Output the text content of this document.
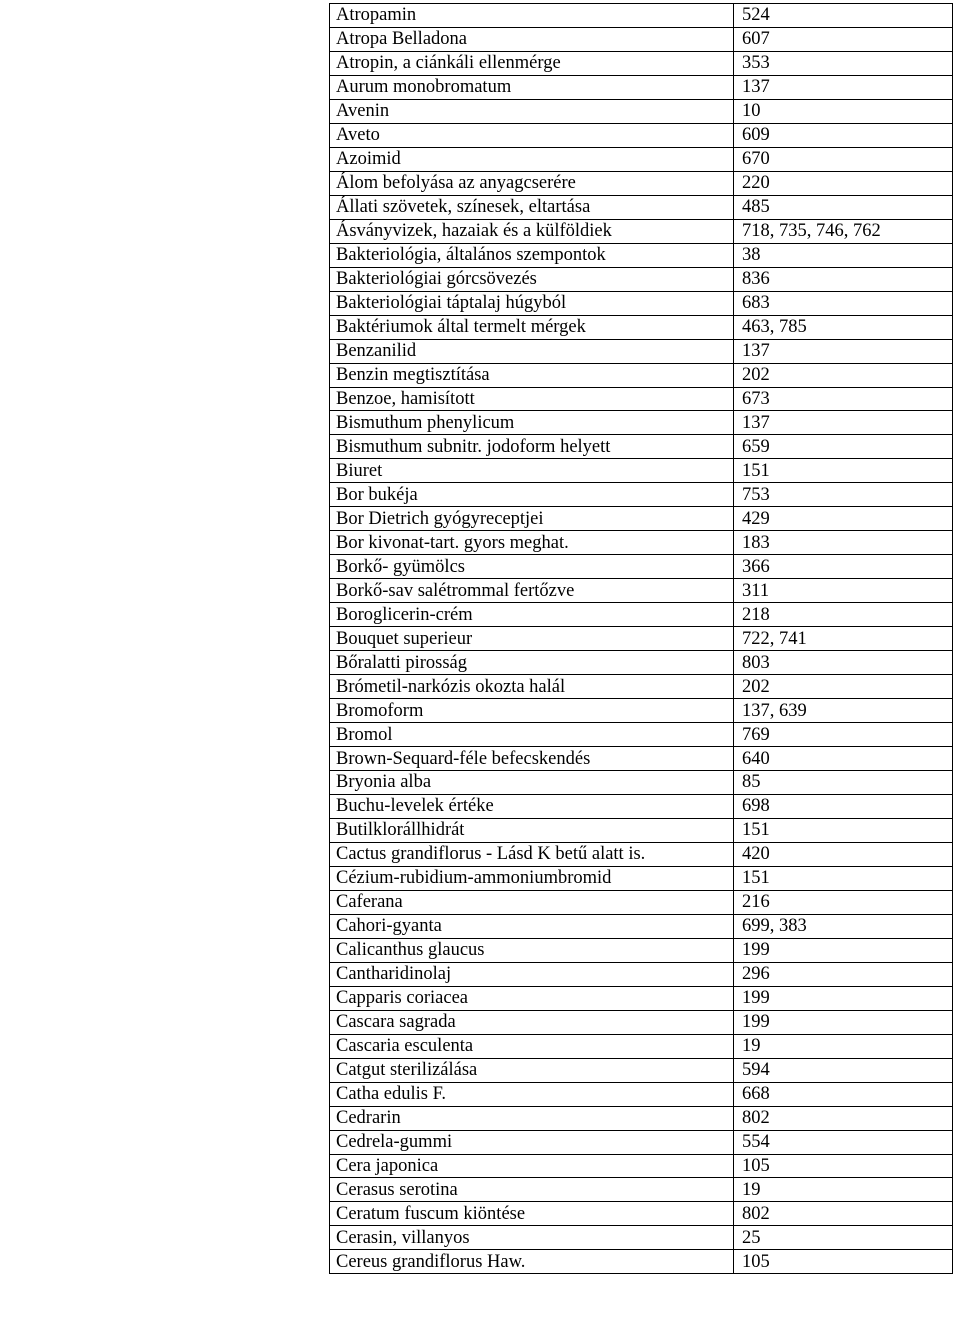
Atropamin	524
Atropa Belladona	607
Atropin, a ciánkáli ellenmérge	353
Aurum monobromatum	137
Avenin	10
Aveto	609
Azoimid	670
Álom befolyása az anyagcserére	220
Állati szövetek, színesek, eltartása	485
Ásványvizek, hazaiak és a külföldiek	718, 735, 746, 762
Bakteriológia, általános szempontok	38
Bakteriológiai górcsövezés	836
Bakteriológiai táptalaj húgyból	683
Baktériumok által termelt mérgek	463, 785
Benzanilid	137
Benzin megtisztítása	202
Benzoe, hamisított	673
Bismuthum phenylicum	137
Bismuthum subnitr. jodoform helyett	659
Biuret	151
Bor bukéja	753
Bor Dietrich gyógyreceptjei	429
Bor kivonat-tart. gyors meghat.	183
Borkő- gyümölcs	366
Borkő-sav salétrommal fertőzve	311
Boroglicerin-crém	218
Bouquet superieur	722, 741
Bőralatti pirosság	803
Brómetil-narkózis okozta halál	202
Bromoform	137, 639
Bromol	769
Brown-Sequard-féle befecskendés	640
Bryonia alba	85
Buchu-levelek értéke	698
Butilklorállhidrát	151
Cactus grandiflorus - Lásd K betű alatt is.	420
Cézium-rubidium-ammoniumbromid	151
Caferana	216
Cahori-gyanta	699, 383
Calicanthus glaucus	199
Cantharidinolaj	296
Capparis coriacea	199
Cascara sagrada	199
Cascaria esculenta	19
Catgut sterilizálása	594
Catha edulis F.	668
Cedrarin	802
Cedrela-gummi	554
Cera japonica	105
Cerasus serotina	19
Ceratum fuscum kiöntése	802
Cerasin, villanyos	25
Cereus grandiflorus Haw.	105
